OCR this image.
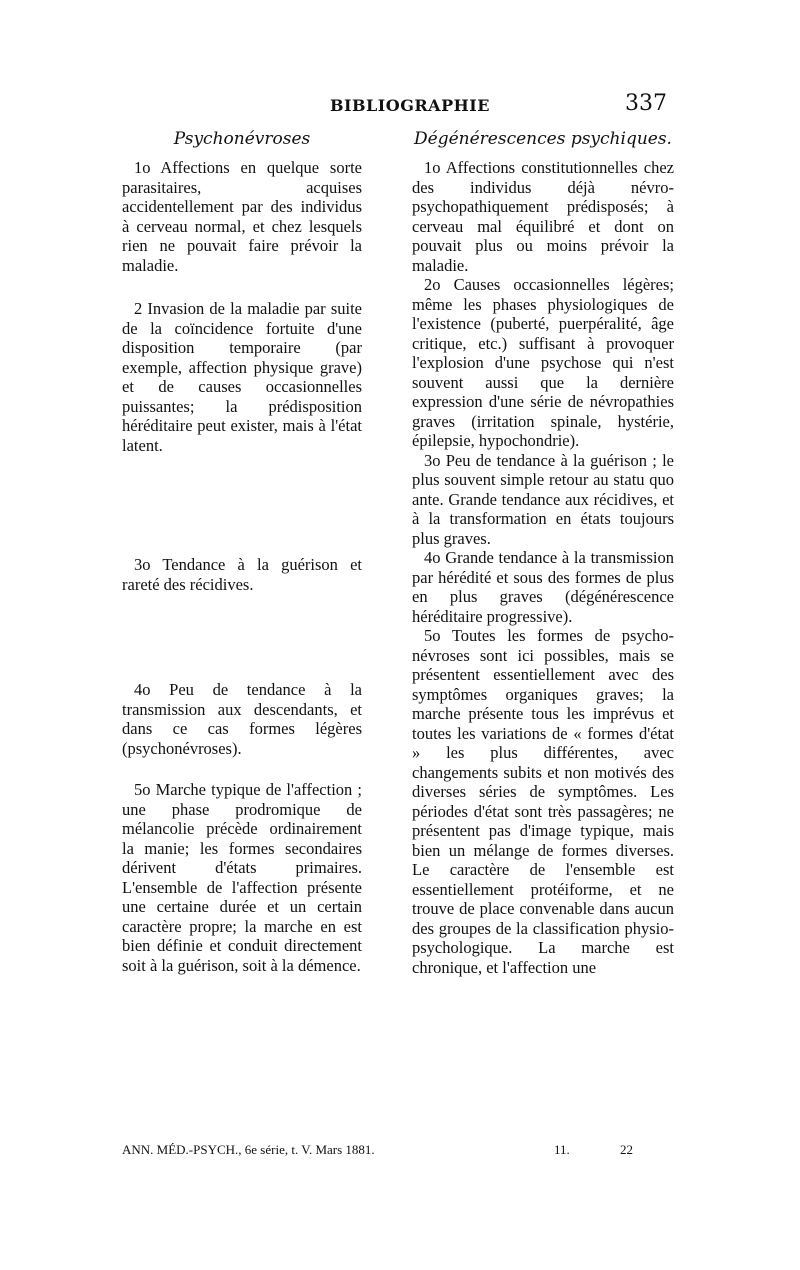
BIBLIOGRAPHIE	337
Psychonévroses

1o Affections en quelque sorte parasitaires, acquises accidentellement par des individus à cerveau normal, et chez lesquels rien ne pouvait faire prévoir la maladie.

2 Invasion de la maladie par suite de la coïncidence fortuite d'une disposition temporaire (par exemple, affection physique grave) et de causes occasionnelles puissantes; la prédisposition héréditaire peut exister, mais à l'état latent.

3o Tendance à la guérison et rareté des récidives.

4o Peu de tendance à la transmission aux descendants, et dans ce cas formes légères (psychonévroses).

5o Marche typique de l'affection ; une phase prodromique de mélancolie précède ordinairement la manie; les formes secondaires dérivent d'états primaires. L'ensemble de l'affection présente une certaine durée et un certain caractère propre; la marche en est bien définie et conduit directement soit à la guérison, soit à la démence.

Dégénérescences psychiques.

1o Affections constitutionnelles chez des individus déjà névro-psychopathiquement prédisposés; à cerveau mal équilibré et dont on pouvait plus ou moins prévoir la maladie.

2o Causes occasionnelles légères; même les phases physiologiques de l'existence (puberté, puerpéralité, âge critique, etc.) suffisant à provoquer l'explosion d'une psychose qui n'est souvent aussi que la dernière expression d'une série de névropathies graves (irritation spinale, hystérie, épilepsie, hypochondrie).

3o Peu de tendance à la guérison ; le plus souvent simple retour au statu quo ante. Grande tendance aux récidives, et à la transformation en états toujours plus graves.

4o Grande tendance à la transmission par hérédité et sous des formes de plus en plus graves (dégénérescence héréditaire progressive).

5o Toutes les formes de psycho-névroses sont ici possibles, mais se présentent essentiellement avec des symptômes organiques graves; la marche présente tous les imprévus et toutes les variations de « formes d'état » les plus différentes, avec changements subits et non motivés des diverses séries de symptômes. Les périodes d'état sont très passagères; ne présentent pas d'image typique, mais bien un mélange de formes diverses. Le caractère de l'ensemble est essentiellement protéiforme, et ne trouve de place convenable dans aucun des groupes de la classification physio-psychologique. La marche est chronique, et l'affection une

ANN. MÉD.-PSYCH., 6e série, t. V. Mars 1881.	11.	22
